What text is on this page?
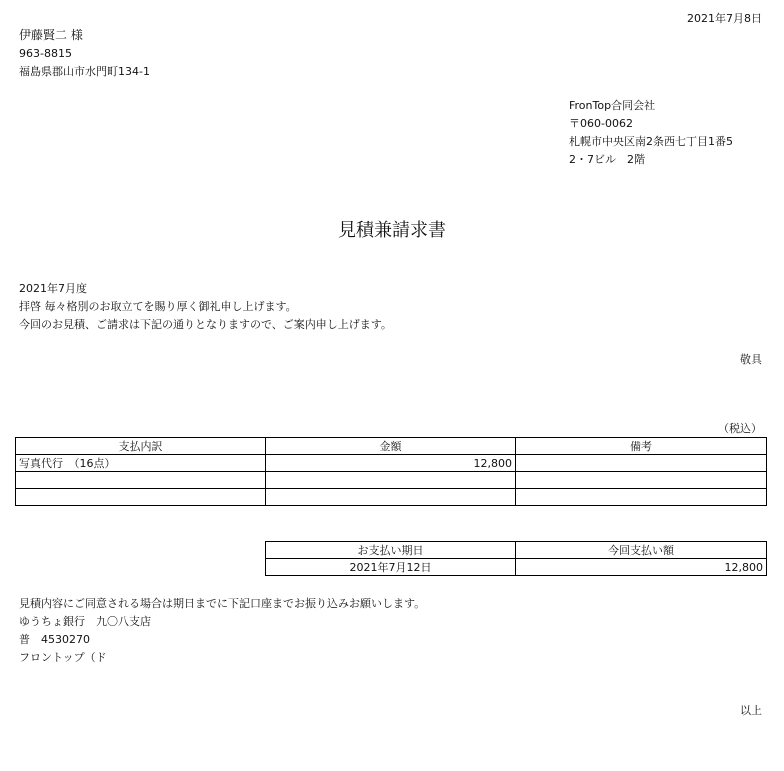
2021年7月8日
伊藤賢二 様
963-8815
福島県郡山市水門町134-1
FronTop合同会社
〒060-0062
札幌市中央区南2条西七丁目1番5
2・7ビル　2階
見積兼請求書
2021年7月度
拝啓 毎々格別のお取立てを賜り厚く御礼申し上げます。
今回のお見積、ご請求は下記の通りとなりますので、ご案内申し上げます。
敬具
（税込）
支払内訳	金額	備考
写真代行　（16点）	12,800	

お支払い期日	今回支払い額
2021年7月12日	12,800
見積内容にご同意される場合は期日までに下記口座までお振り込みお願いします。
ゆうちょ銀行　九〇八支店
普　4530270
フロントップ（ド
以上
